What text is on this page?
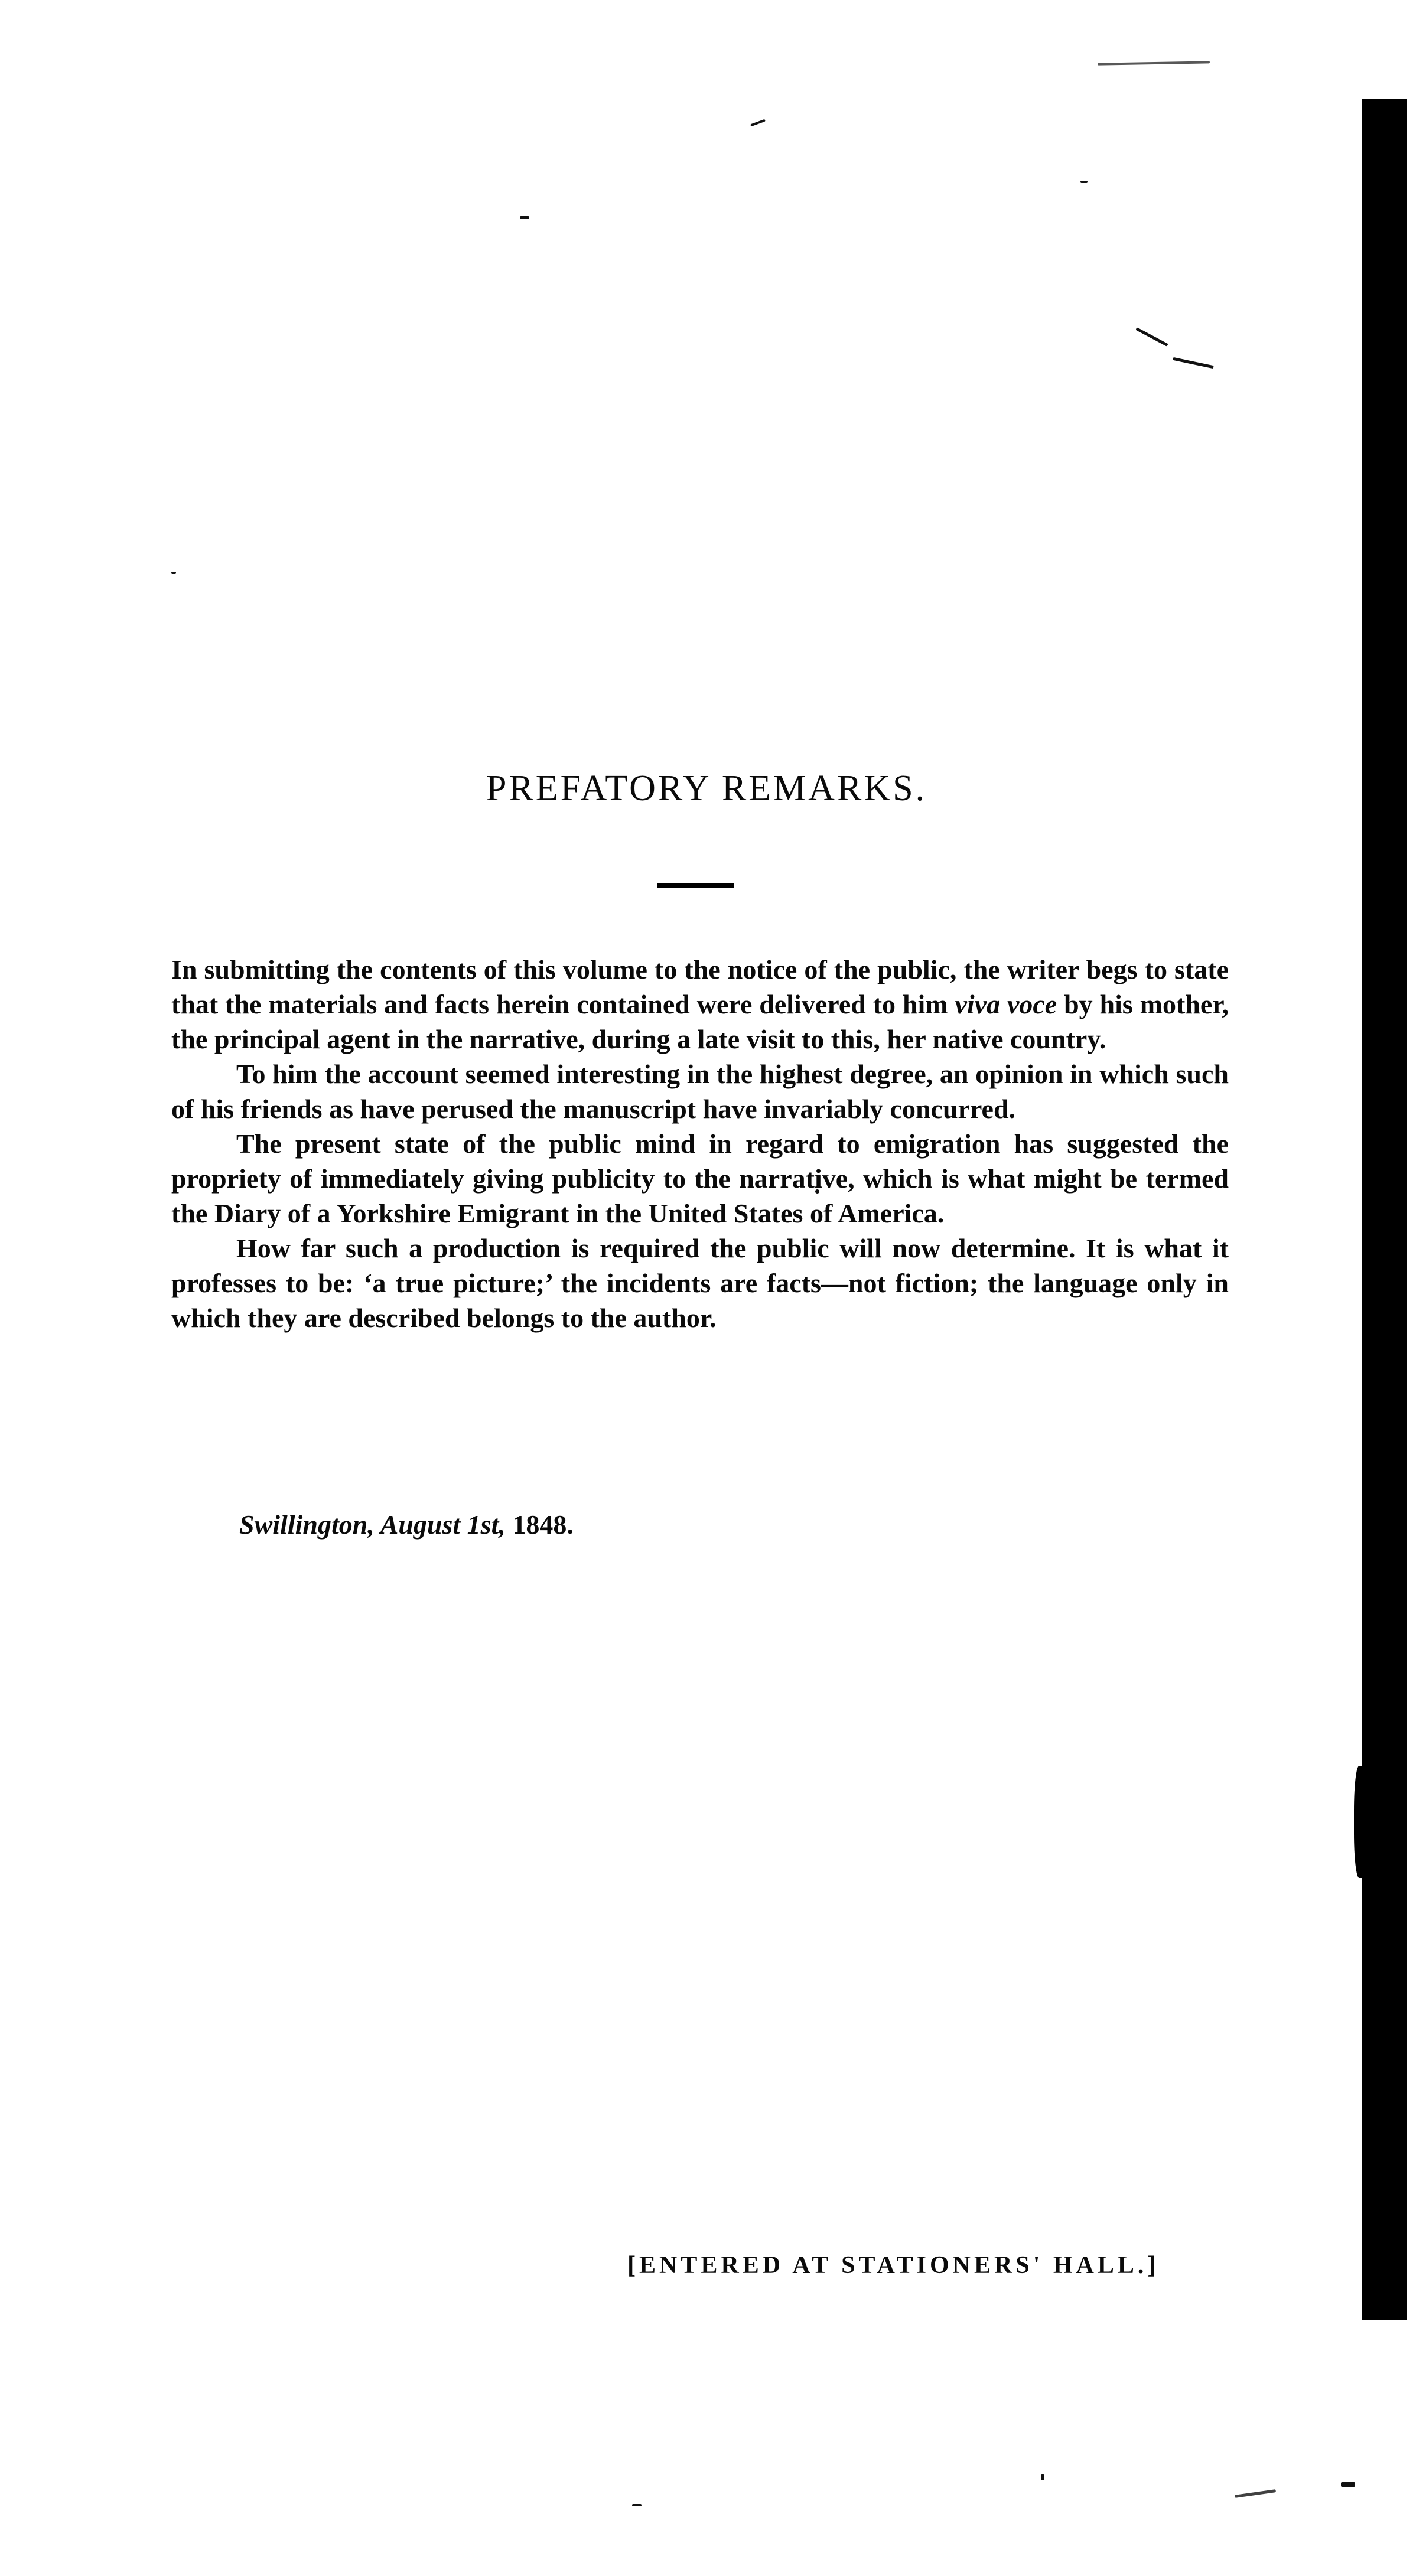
PREFATORY REMARKS.

In submitting the contents of this volume to the notice of the public, the writer begs to state that the materials and facts herein contained were delivered to him viva voce by his mother, the principal agent in the narrative, during a late visit to this, her native country.

To him the account seemed interesting in the highest degree, an opinion in which such of his friends as have perused the manuscript have invariably concurred.

The present state of the public mind in regard to emigration has suggested the propriety of immediately giving publicity to the narrative, which is what might be termed the Diary of a Yorkshire Emigrant in the United States of America.

How far such a production is required the public will now determine. It is what it professes to be: ‘a true picture;’ the incidents are facts—not fiction; the language only in which they are described belongs to the author.

Swillington, August 1st, 1848.
[ENTERED AT STATIONERS' HALL.]
